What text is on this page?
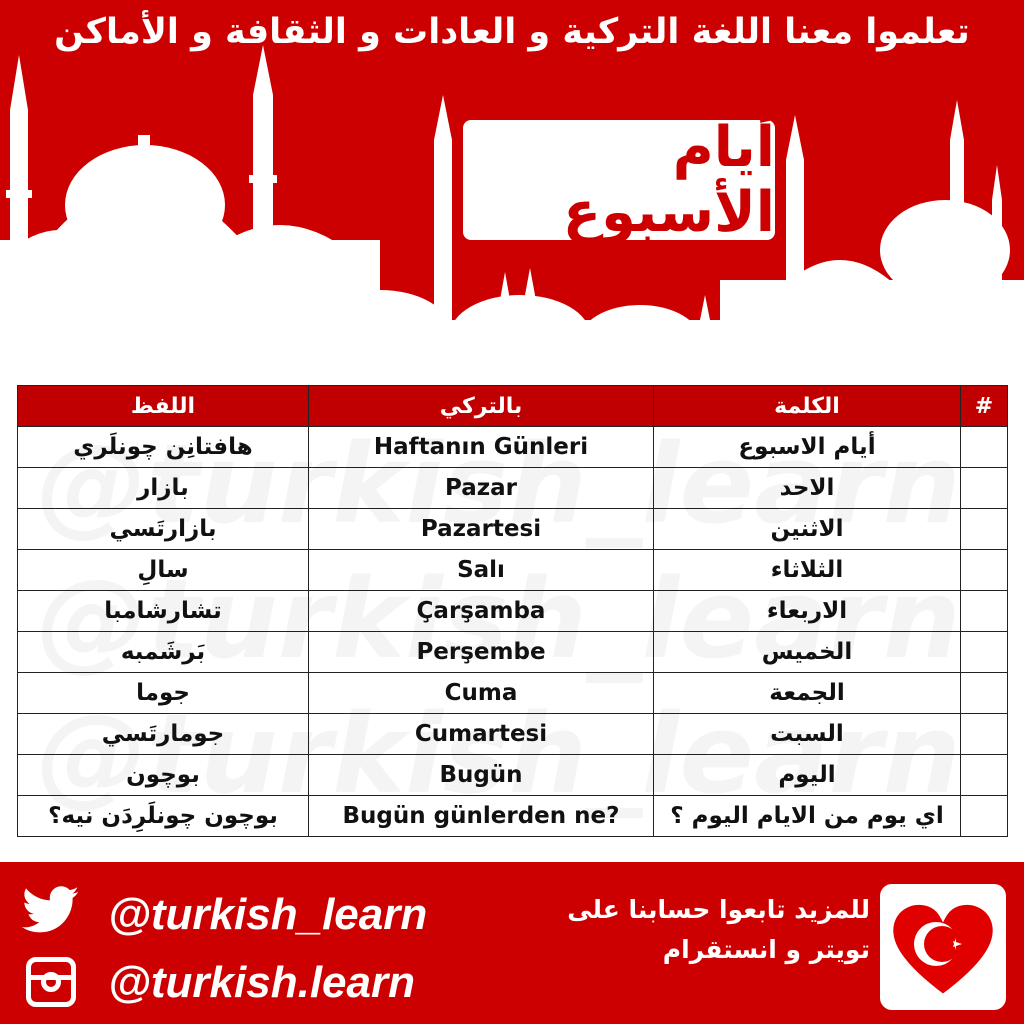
تعلموا معنا اللغة التركية و العادات و الثقافة و الأماكن
أيام الأسبوع
اللفظ	بالتركي	الكلمة	#
هافتانِن چونلَري	Haftanın Günleri	أيام الاسبوع	.1
بازار	Pazar	الاحد	.2
بازارتَسي	Pazartesi	الاثنين	.3
سالِ	Salı	الثلاثاء	.4
تشارشامبا	Çarşamba	الاربعاء	.5
بَرشَمبه	Perşembe	الخميس	.6
جوما	Cuma	الجمعة	.7
جومارتَسي	Cumartesi	السبت	.8
بوچون	Bugün	اليوم	.9
بوچون چونلَرِدَن نيه؟	Bugün günlerden ne?	اي يوم من الايام اليوم ؟	.10
@turkish_learn
@turkish.learn
للمزيد تابعوا حسابنا على
تويتر و انستقرام
